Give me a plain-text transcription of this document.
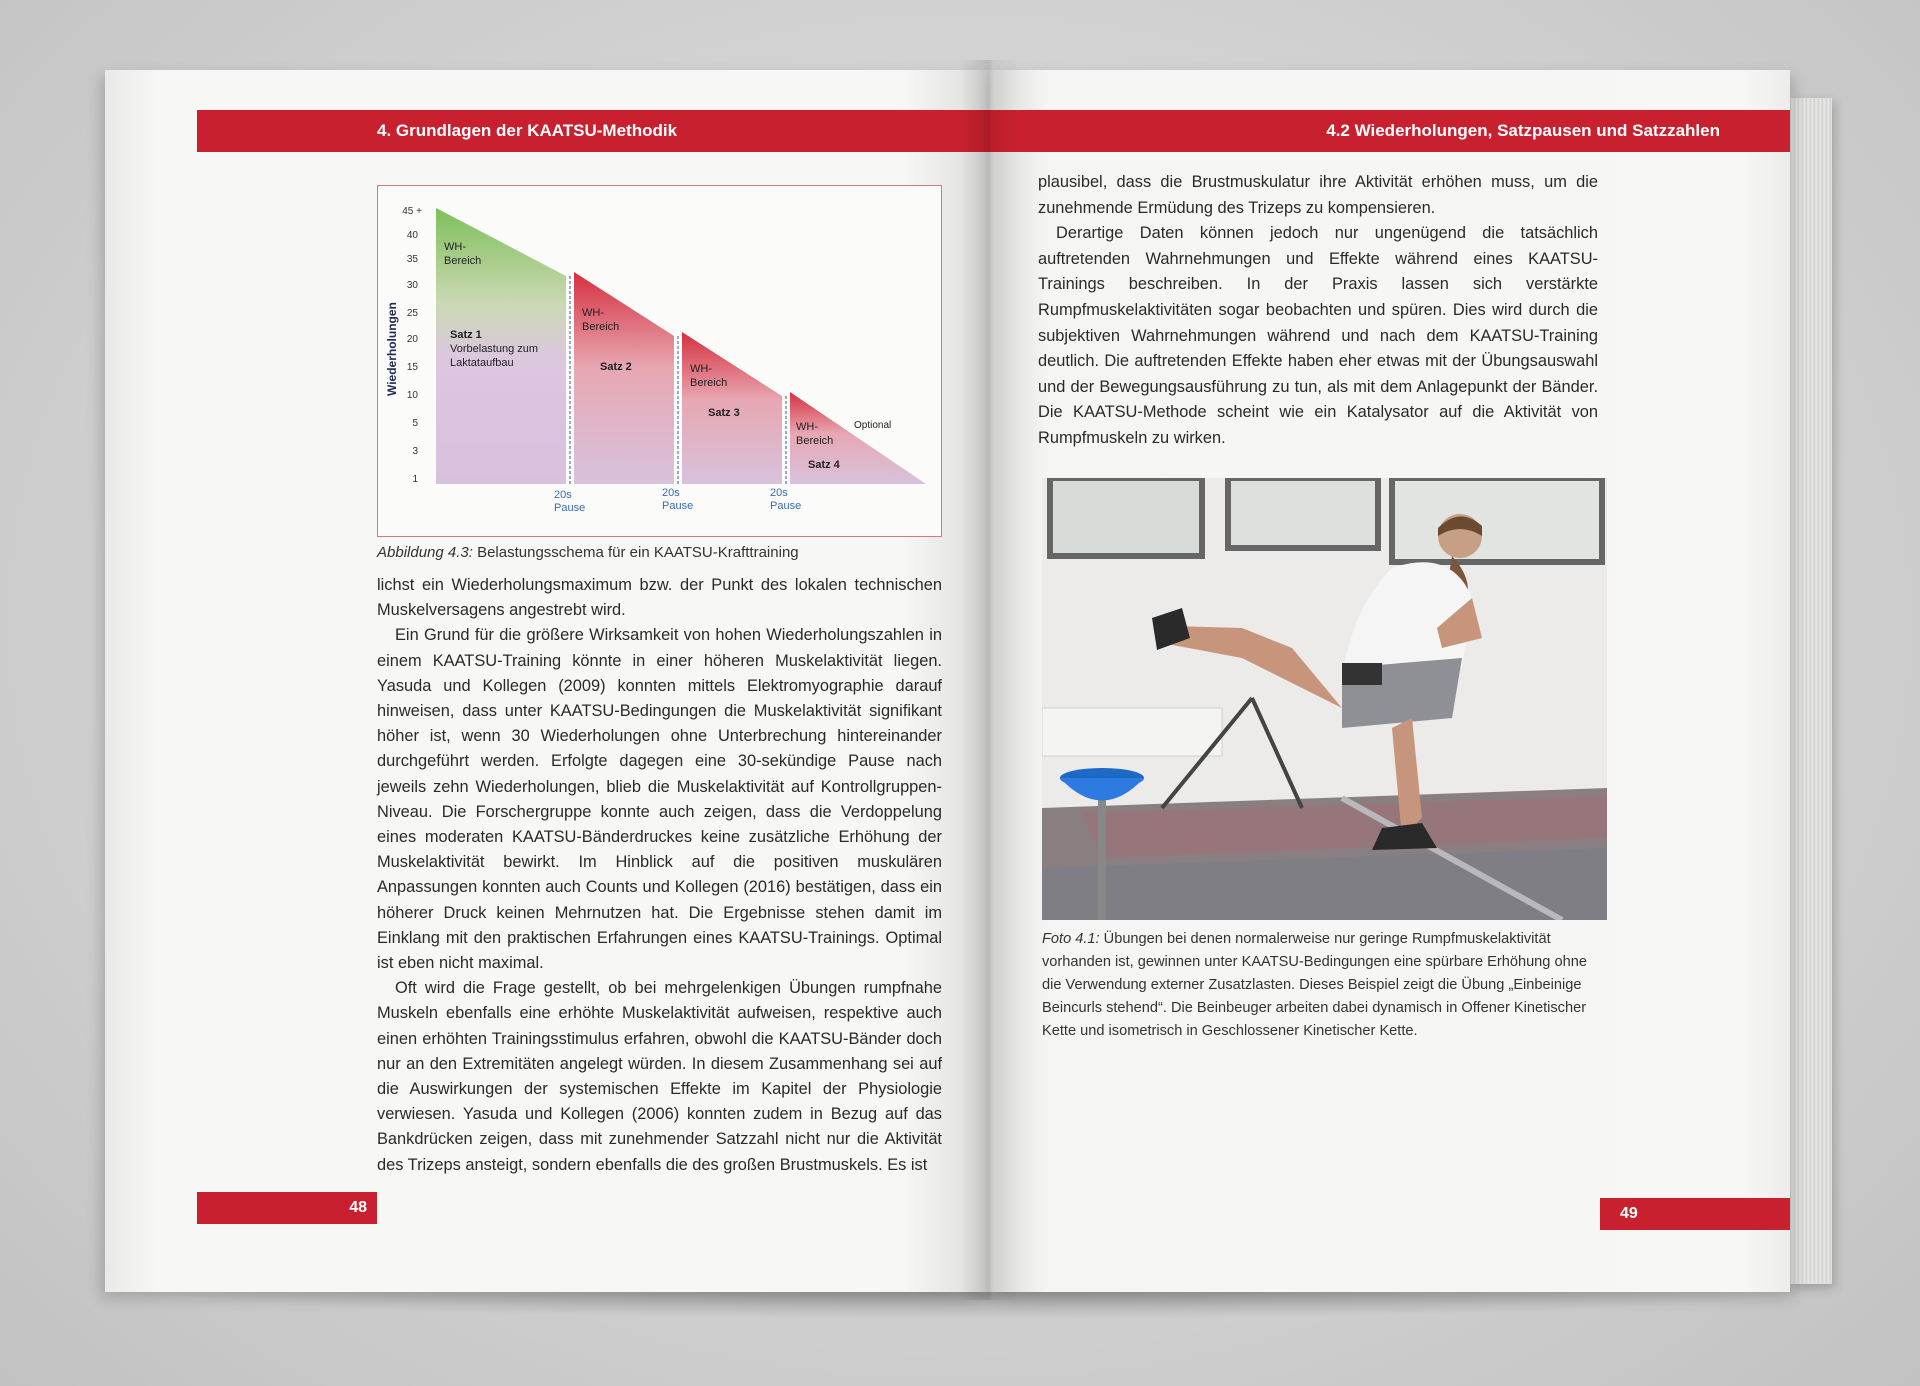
4. Grundlagen der KAATSU-Methodik
45 +
40
35
30
25
20
15
10
5
3
1
Wiederholungen
WH-
Bereich
Satz 1
Vorbelastung zum
Laktataufbau
WH-
Bereich
Satz 2	WH-
Bereich
Satz 3
WH-
Bereich
Satz 4
Optional
20s
Pause
20s
Pause
20s
Pause
Abbildung 4.3: Belastungsschema für ein KAATSU-Krafttraining

lichst ein Wiederholungsmaximum bzw. der Punkt des lokalen technischen Muskelversagens angestrebt wird.

Ein Grund für die größere Wirksamkeit von hohen Wiederholungszahlen in einem KAATSU-Training könnte in einer höheren Muskelaktivität liegen. Yasuda und Kollegen (2009) konnten mittels Elektromyographie darauf hinweisen, dass unter KAATSU-Bedingungen die Muskelaktivität signifikant höher ist, wenn 30 Wiederholungen ohne Unterbrechung hintereinander durchgeführt werden. Erfolgte dagegen eine 30-sekündige Pause nach jeweils zehn Wiederholungen, blieb die Muskelaktivität auf Kontrollgruppen-Niveau. Die Forschergruppe konnte auch zeigen, dass die Verdoppelung eines moderaten KAATSU-Bänderdruckes keine zusätzliche Erhöhung der Muskelaktivität bewirkt. Im Hinblick auf die positiven muskulären Anpassungen konnten auch Counts und Kollegen (2016) bestätigen, dass ein höherer Druck keinen Mehrnutzen hat. Die Ergebnisse stehen damit im Einklang mit den praktischen Erfahrungen eines KAATSU-Trainings. Optimal ist eben nicht maximal.

Oft wird die Frage gestellt, ob bei mehrgelenkigen Übungen rumpfnahe Muskeln ebenfalls eine erhöhte Muskelaktivität aufweisen, respektive auch einen erhöhten Trainingsstimulus erfahren, obwohl die KAATSU-Bänder doch nur an den Extremitäten angelegt würden. In diesem Zusammenhang sei auf die Auswirkungen der systemischen Effekte im Kapitel der Physiologie verwiesen. Yasuda und Kollegen (2006) konnten zudem in Bezug auf das Bankdrücken zeigen, dass mit zunehmender Satzzahl nicht nur die Aktivität des Trizeps ansteigt, sondern ebenfalls die des großen Brustmuskels. Es ist

48
4.2 Wiederholungen, Satzpausen und Satzzahlen

plausibel, dass die Brustmuskulatur ihre Aktivität erhöhen muss, um die zunehmende Ermüdung des Trizeps zu kompensieren.

Derartige Daten können jedoch nur ungenügend die tatsächlich auftretenden Wahrnehmungen und Effekte während eines KAATSU-Trainings beschreiben. In der Praxis lassen sich verstärkte Rumpfmuskelaktivitäten sogar beobachten und spüren. Dies wird durch die subjektiven Wahrnehmungen während und nach dem KAATSU-Training deutlich. Die auftretenden Effekte haben eher etwas mit der Übungsauswahl und der Bewegungsausführung zu tun, als mit dem Anlagepunkt der Bänder. Die KAATSU-Methode scheint wie ein Katalysator auf die Aktivität von Rumpfmuskeln zu wirken.

Foto 4.1: Übungen bei denen normalerweise nur geringe Rumpfmuskelaktivität vorhanden ist, gewinnen unter KAATSU-Bedingungen eine spürbare Erhöhung ohne die Verwendung externer Zusatzlasten. Dieses Beispiel zeigt die Übung „Einbeinige Beincurls stehend“. Die Beinbeuger arbeiten dabei dynamisch in Offener Kinetischer Kette und isometrisch in Geschlossener Kinetischer Kette.
49
